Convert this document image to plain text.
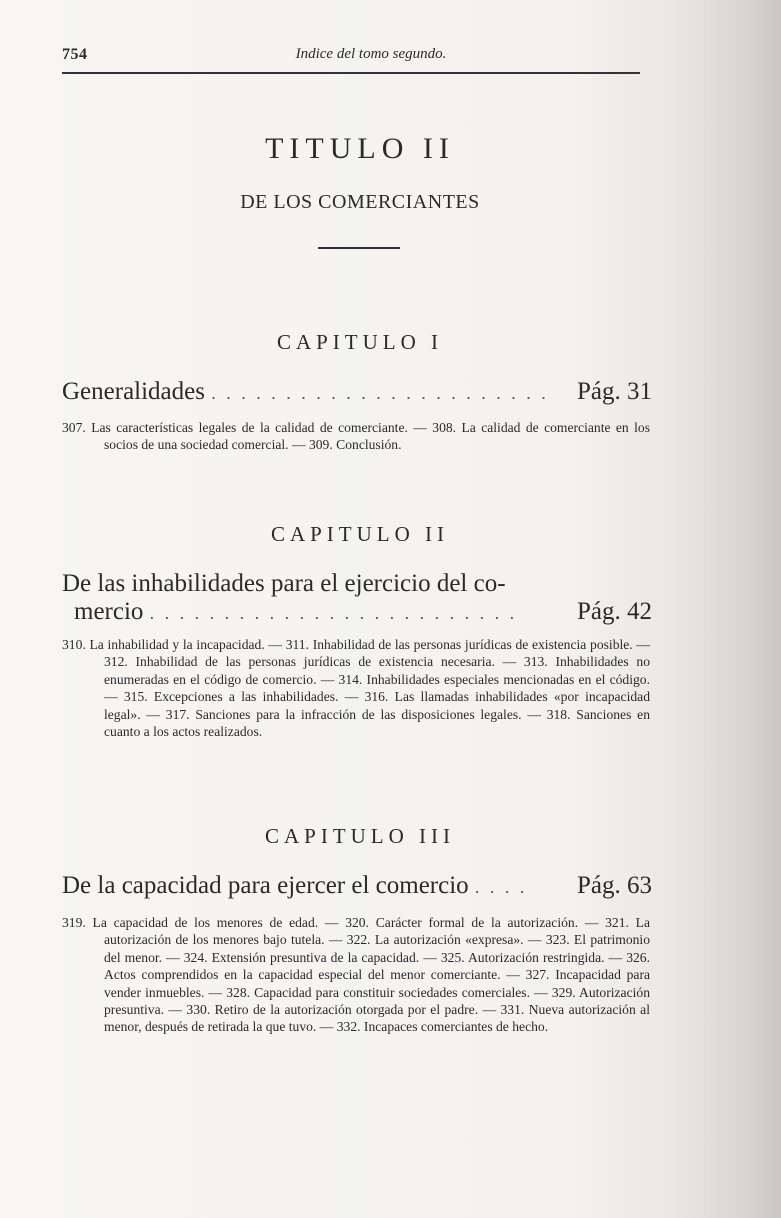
754	Indice del tomo segundo.
TITULO II
DE LOS COMERCIANTES
CAPITULO I
Generalidades . . . . . . . . . . . . . . . . . . . . . . . Pág. 31
307. Las características legales de la calidad de comerciante. — 308. La calidad de comerciante en los socios de una sociedad comercial. — 309. Conclusión.
CAPITULO II
De las inhabilidades para el ejercicio del co-
mercio . . . . . . . . . . . . . . . . . . . . . . . . . Pág. 42
310. La inhabilidad y la incapacidad. — 311. Inhabilidad de las personas jurídicas de existencia posible. — 312. Inhabilidad de las personas jurídicas de existencia necesaria. — 313. Inhabilidades no enumeradas en el código de comercio. — 314. Inhabilidades especiales mencionadas en el código. — 315. Excepciones a las inhabilidades. — 316. Las llamadas inhabilidades «por incapacidad legal». — 317. Sanciones para la infracción de las disposiciones legales. — 318. Sanciones en cuanto a los actos realizados.
CAPITULO III
De la capacidad para ejercer el comercio . . . . Pág. 63
319. La capacidad de los menores de edad. — 320. Carácter formal de la autorización. — 321. La autorización de los menores bajo tutela. — 322. La autorización «expresa». — 323. El patrimonio del menor. — 324. Extensión presuntiva de la capacidad. — 325. Autorización restringida. — 326. Actos comprendidos en la capacidad especial del menor comerciante. — 327. Incapacidad para vender inmuebles. — 328. Capacidad para constituir sociedades comerciales. — 329. Autorización presuntiva. — 330. Retiro de la autorización otorgada por el padre. — 331. Nueva autorización al menor, después de retirada la que tuvo. — 332. Incapaces comerciantes de hecho.
